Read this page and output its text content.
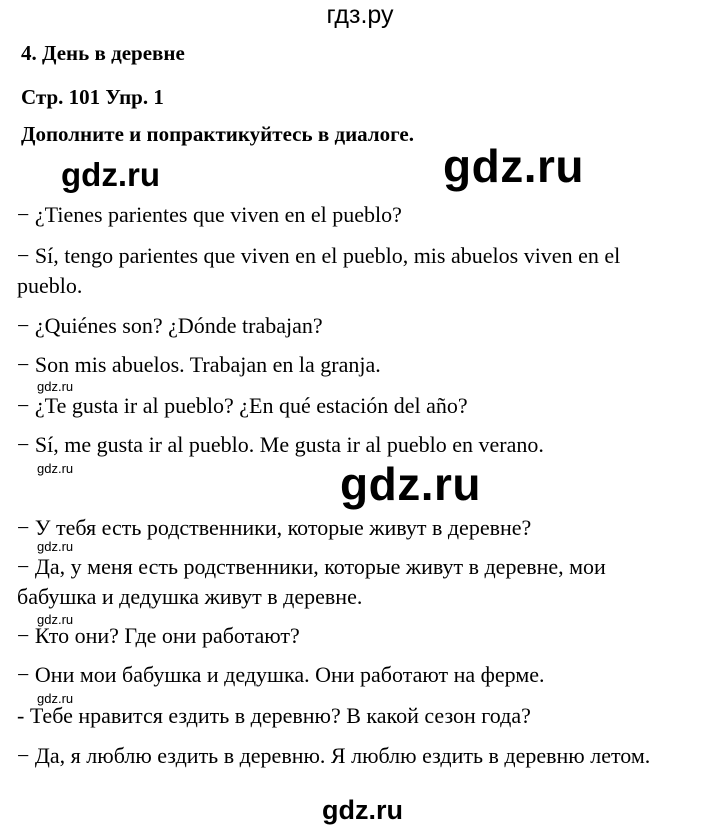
гдз.ру
4. День в деревне
Стр. 101 Упр. 1
Дополните и попрактикуйтесь в диалоге.
gdz.ru	gdz.ru
− ¿Tienes parientes que viven en el pueblo?
− Sí, tengo parientes que viven en el pueblo, mis abuelos viven en el
pueblo.
− ¿Quiénes son? ¿Dónde trabajan?
− Son mis abuelos. Trabajan en la granja.
gdz.ru
− ¿Te gusta ir al pueblo? ¿En qué estación del año?
− Sí, me gusta ir al pueblo. Me gusta ir al pueblo en verano.
gdz.ru	gdz.ru
− У тебя есть родственники, которые живут в деревне?
gdz.ru
− Да, у меня есть родственники, которые живут в деревне, мои
бабушка и дедушка живут в деревне.
gdz.ru
− Кто они? Где они работают?
− Они мои бабушка и дедушка. Они работают на ферме.
gdz.ru
- Тебе нравится ездить в деревню? В какой сезон года?
− Да, я люблю ездить в деревню. Я люблю ездить в деревню летом.
gdz.ru
